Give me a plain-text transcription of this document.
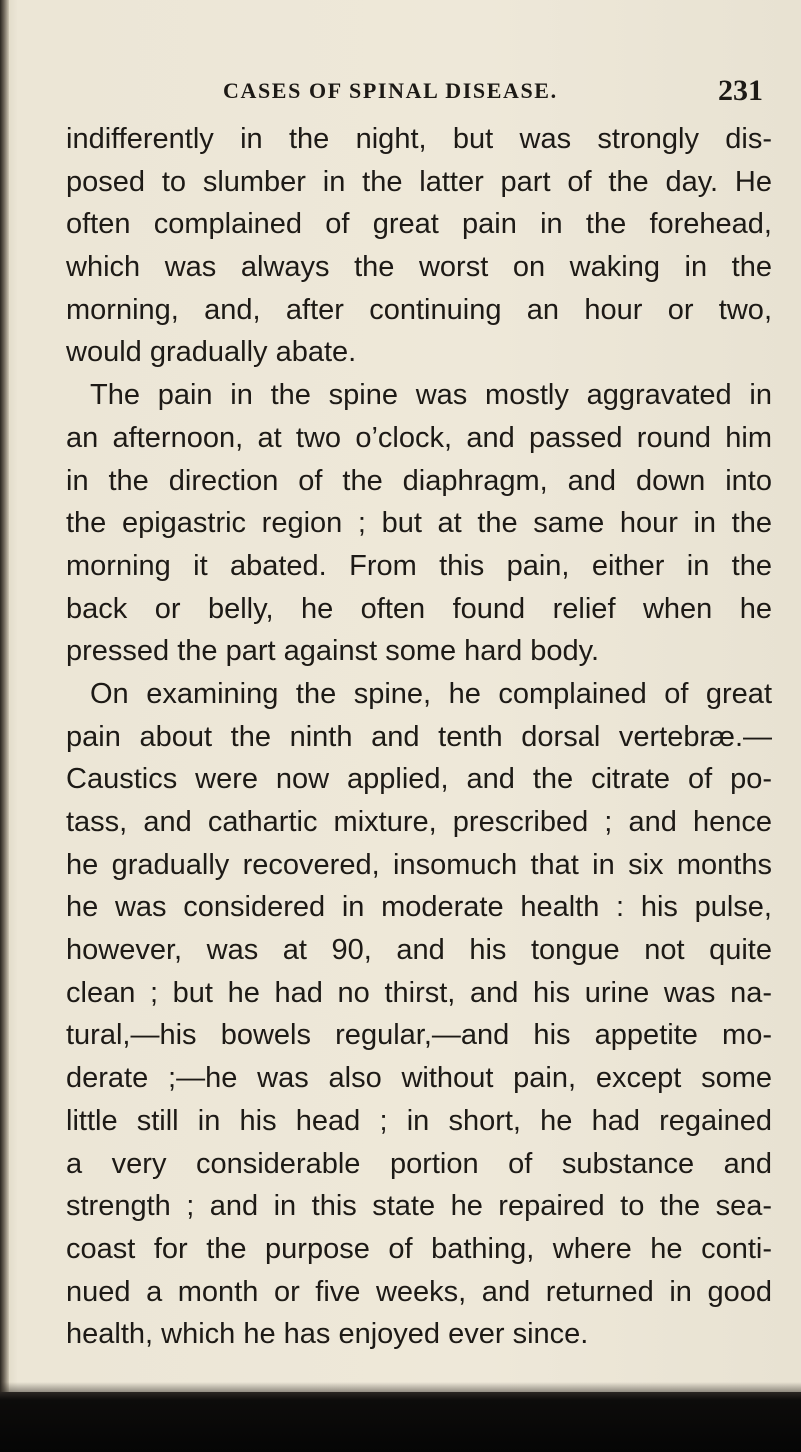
CASES OF SPINAL DISEASE.	231
indifferently in the night, but was strongly dis-
posed to slumber in the latter part of the day. He
often complained of great pain in the forehead,
which was always the worst on waking in the
morning, and, after continuing an hour or two,
would gradually abate.
The pain in the spine was mostly aggravated in
an afternoon, at two o’clock, and passed round him
in the direction of the diaphragm, and down into
the epigastric region ; but at the same hour in the
morning it abated. From this pain, either in the
back or belly, he often found relief when he
pressed the part against some hard body.
On examining the spine, he complained of great
pain about the ninth and tenth dorsal vertebræ.—
Caustics were now applied, and the citrate of po-
tass, and cathartic mixture, prescribed ; and hence
he gradually recovered, insomuch that in six months
he was considered in moderate health : his pulse,
however, was at 90, and his tongue not quite
clean ; but he had no thirst, and his urine was na-
tural,—his bowels regular,—and his appetite mo-
derate ;—he was also without pain, except some
little still in his head ; in short, he had regained
a very considerable portion of substance and
strength ; and in this state he repaired to the sea-
coast for the purpose of bathing, where he conti-
nued a month or five weeks, and returned in good
health, which he has enjoyed ever since.
